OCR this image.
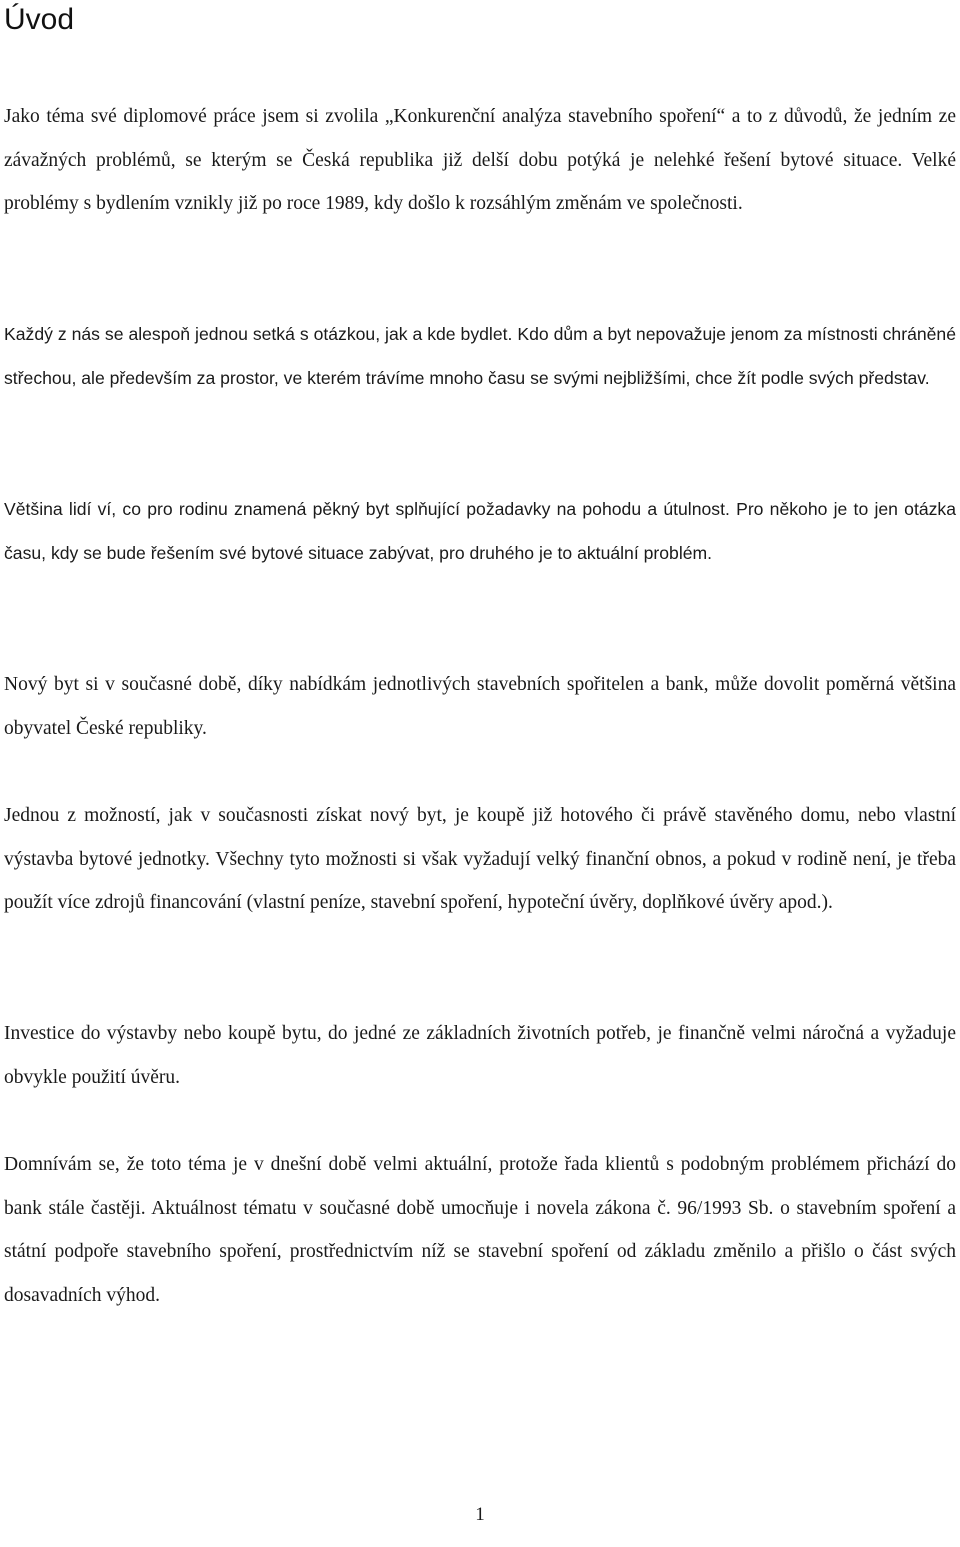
Úvod

Jako téma své diplomové práce jsem si zvolila „Konkurenční analýza stavebního spoření“ a to z důvodů, že jedním ze závažných problémů, se kterým se Česká republika již delší dobu potýká je nelehké řešení bytové situace. Velké problémy s bydlením vznikly již po roce 1989, kdy došlo k rozsáhlým změnám ve společnosti.

Každý z nás se alespoň jednou setká s otázkou, jak a kde bydlet. Kdo dům a byt nepovažuje jenom za místnosti chráněné střechou, ale především za prostor, ve kterém trávíme mnoho času se svými nejbližšími, chce žít podle svých představ.

Většina lidí ví, co pro rodinu znamená pěkný byt splňující požadavky na pohodu a útulnost. Pro někoho je to jen otázka času, kdy se bude řešením své bytové situace zabývat, pro druhého je to aktuální problém.

Nový byt si v současné době, díky nabídkám jednotlivých stavebních spořitelen a bank, může dovolit poměrná většina obyvatel České republiky.

Jednou z možností, jak v současnosti získat nový byt, je koupě již hotového či právě stavěného domu, nebo vlastní výstavba bytové jednotky. Všechny tyto možnosti si však vyžadují velký finanční obnos, a pokud v rodině není, je třeba použít více zdrojů financování (vlastní peníze, stavební spoření, hypoteční úvěry, doplňkové úvěry apod.).

Investice do výstavby nebo koupě bytu, do jedné ze základních životních potřeb, je finančně velmi náročná a vyžaduje obvykle použití úvěru.

Domnívám se, že toto téma je v dnešní době velmi aktuální, protože řada klientů s podobným problémem přichází do bank stále častěji. Aktuálnost tématu v současné době umocňuje i novela zákona č. 96/1993 Sb. o stavebním spoření a státní podpoře stavebního spoření, prostřednictvím níž se stavební spoření od základu změnilo a přišlo o část svých dosavadních výhod.

1
